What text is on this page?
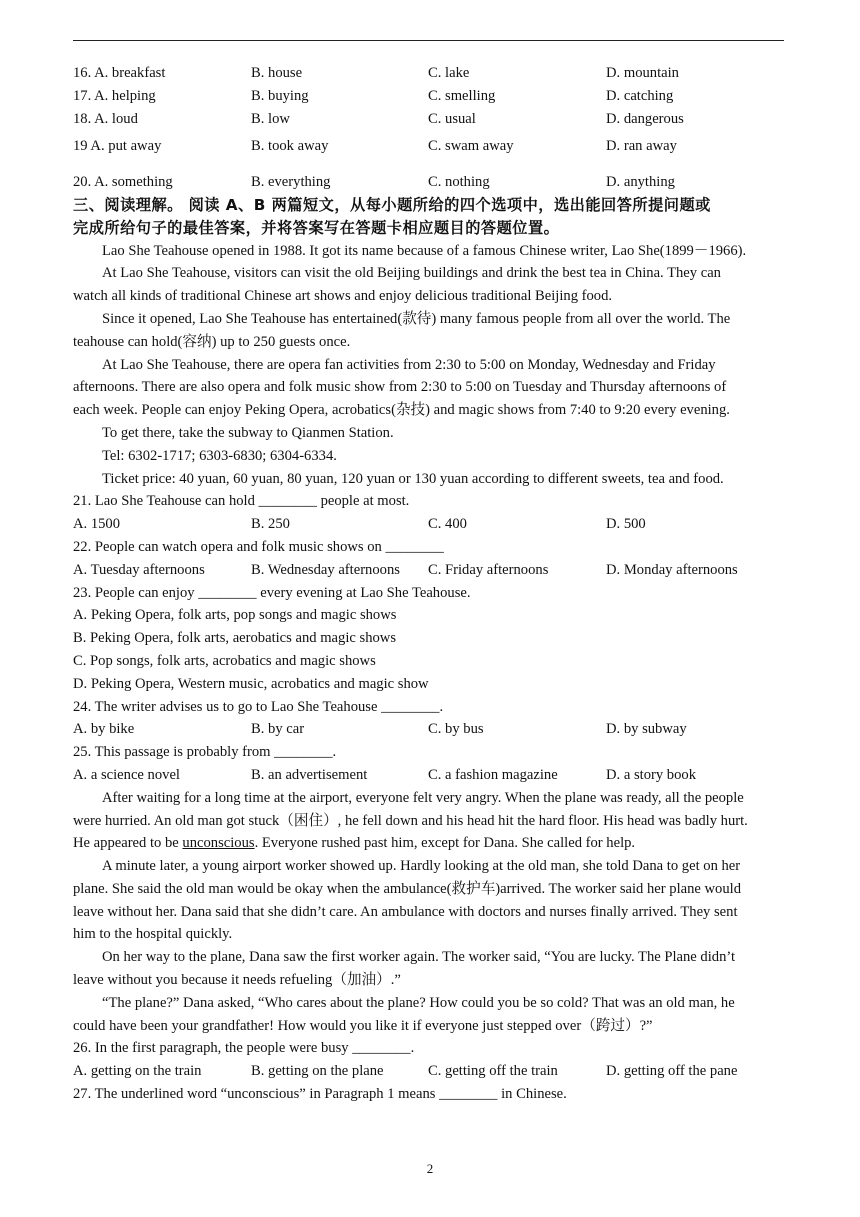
16. A. breakfast	B. house	C. lake	D. mountain
17. A. helping	B. buying	C. smelling	D. catching
18. A. loud	B. low	C. usual	D. dangerous
19 A. put away	B. took away	C. swam away	D. ran away
20. A. something	B. everything	C. nothing	D. anything
三、阅读理解。 阅读 A、B 两篇短文，从每小题所给的四个选项中，选出能回答所提问题或
完成所给句子的最佳答案，并将答案写在答题卡相应题目的答题位置。
Lao She Teahouse opened in 1988. It got its name because of a famous Chinese writer, Lao She(1899－1966).
At Lao She Teahouse, visitors can visit the old Beijing buildings and drink the best tea in China. They can
watch all kinds of traditional Chinese art shows and enjoy delicious traditional Beijing food.
Since it opened, Lao She Teahouse has entertained(款待) many famous people from all over the world. The
teahouse can hold(容纳) up to 250 guests once.
At Lao She Teahouse, there are opera fan activities from 2:30 to 5:00 on Monday, Wednesday and Friday
afternoons. There are also opera and folk music show from 2:30 to 5:00 on Tuesday and Thursday afternoons of
each week. People can enjoy Peking Opera, acrobatics(杂技) and magic shows from 7:40 to 9:20 every evening.
To get there, take the subway to Qianmen Station.
Tel: 6302-1717; 6303-6830; 6304-6334.
Ticket price: 40 yuan, 60 yuan, 80 yuan, 120 yuan or 130 yuan according to different sweets, tea and food.
21. Lao She Teahouse can hold ________ people at most.
A. 1500	B. 250	C. 400	D. 500
22. People can watch opera and folk music shows on ________
A. Tuesday afternoons	B. Wednesday afternoons C. Friday afternoons	D. Monday afternoons
23. People can enjoy ________ every evening at Lao She Teahouse.
A. Peking Opera, folk arts, pop songs and magic shows
B. Peking Opera, folk arts, aerobatics and magic shows
C. Pop songs, folk arts, acrobatics and magic shows
D. Peking Opera, Western music, acrobatics and magic show
24. The writer advises us to go to Lao She Teahouse ________.
A. by bike	B. by car	C. by bus	D. by subway
25. This passage is probably from ________.
A. a science novel	B. an advertisement	C. a fashion magazine	D. a story book
After waiting for a long time at the airport, everyone felt very angry. When the plane was ready, all the people
were hurried. An old man got stuck（困住）, he fell down and his head hit the hard floor. His head was badly hurt.
He appeared to be unconscious. Everyone rushed past him, except for Dana. She called for help.
A minute later, a young airport worker showed up. Hardly looking at the old man, she told Dana to get on her
plane. She said the old man would be okay when the ambulance(救护车)arrived. The worker said her plane would
leave without her. Dana said that she didn’t care. An ambulance with doctors and nurses finally arrived. They sent
him to the hospital quickly.
On her way to the plane, Dana saw the first worker again. The worker said, “You are lucky. The Plane didn’t
leave without you because it needs refueling（加油）.”
“The plane?” Dana asked, “Who cares about the plane? How could you be so cold? That was an old man, he
could have been your grandfather! How would you like it if everyone just stepped over（跨过）?”
26. In the first paragraph, the people were busy ________.
A. getting on the train	B. getting on the plane	C. getting off the train	D. getting off the pane
27. The underlined word “unconscious” in Paragraph 1 means ________ in Chinese.
2
